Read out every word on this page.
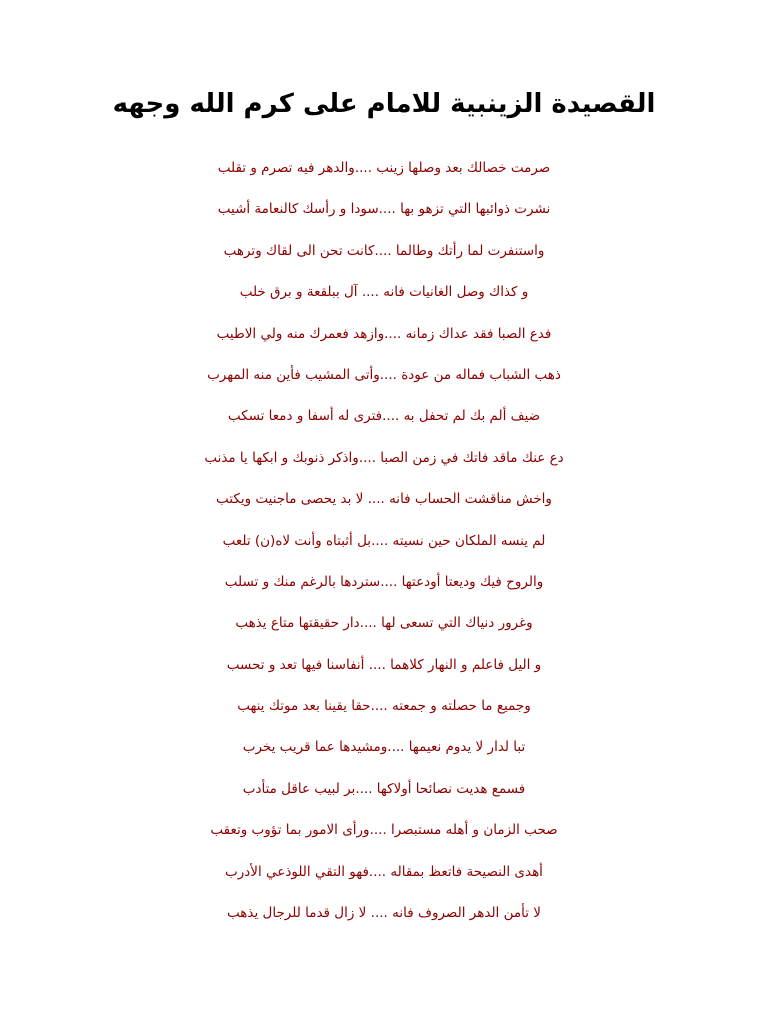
القصيدة الزينبية للامام على كرم الله وجهه
صرمت خصالك بعد وصلها زينب ....والدهر فيه تصرم و تقلب
نشرت ذوائبها التي تزهو بها ....سودا و رأسك كالنعامة أشيب
واستنفرت لما رأتك وطالما ....كانت تحن الى لقاك وترهب
و كذاك وصل الغانيات فانه .... آل ببلقعة و برق خلب
فدع الصبا فقد عداك زمانه ....وازهد فعمرك منه ولي الاطيب
ذهب الشباب فماله من عودة ....وأتى المشيب فأين منه المهرب
ضيف ألم بك لم تحفل به ....فترى له أسفا و دمعا تسكب
دع عنك ماقد فاتك في زمن الصبا ....واذكر ذنوبك و ابكها يا مذنب
واخش مناقشت الحساب فانه .... لا بد يحصى ماجنيت ويكتب
لم ينسه الملكان حين نسيته ....بل أثبتاه وأنت لاه(ن) تلعب
والروح فيك وديعتا أودعتها ....ستردها بالرغم منك و تسلب
وغرور دنياك التي تسعى لها ....دار حقيقتها متاع يذهب
و اليل فاعلم و النهار كلاهما .... أنفاسنا فيها تعد و تحسب
وجميع ما حصلته و جمعته ....حقا يقينا بعد موتك ينهب
تبا لدار لا يدوم نعيمها ....ومشيدها عما قريب يخرب
فسمع هديت نصائحا أولاكها ....بر لبيب عاقل متأدب
صحب الزمان و أهله مستبصرا ....ورأى الامور بما تؤوب وتعقب
أهدى النصيحة فاتعظ بمقاله ....فهو التقي اللوذعي الأدرب
لا تأمن الدهر الصروف فانه .... لا زال قدما للرجال يذهب
